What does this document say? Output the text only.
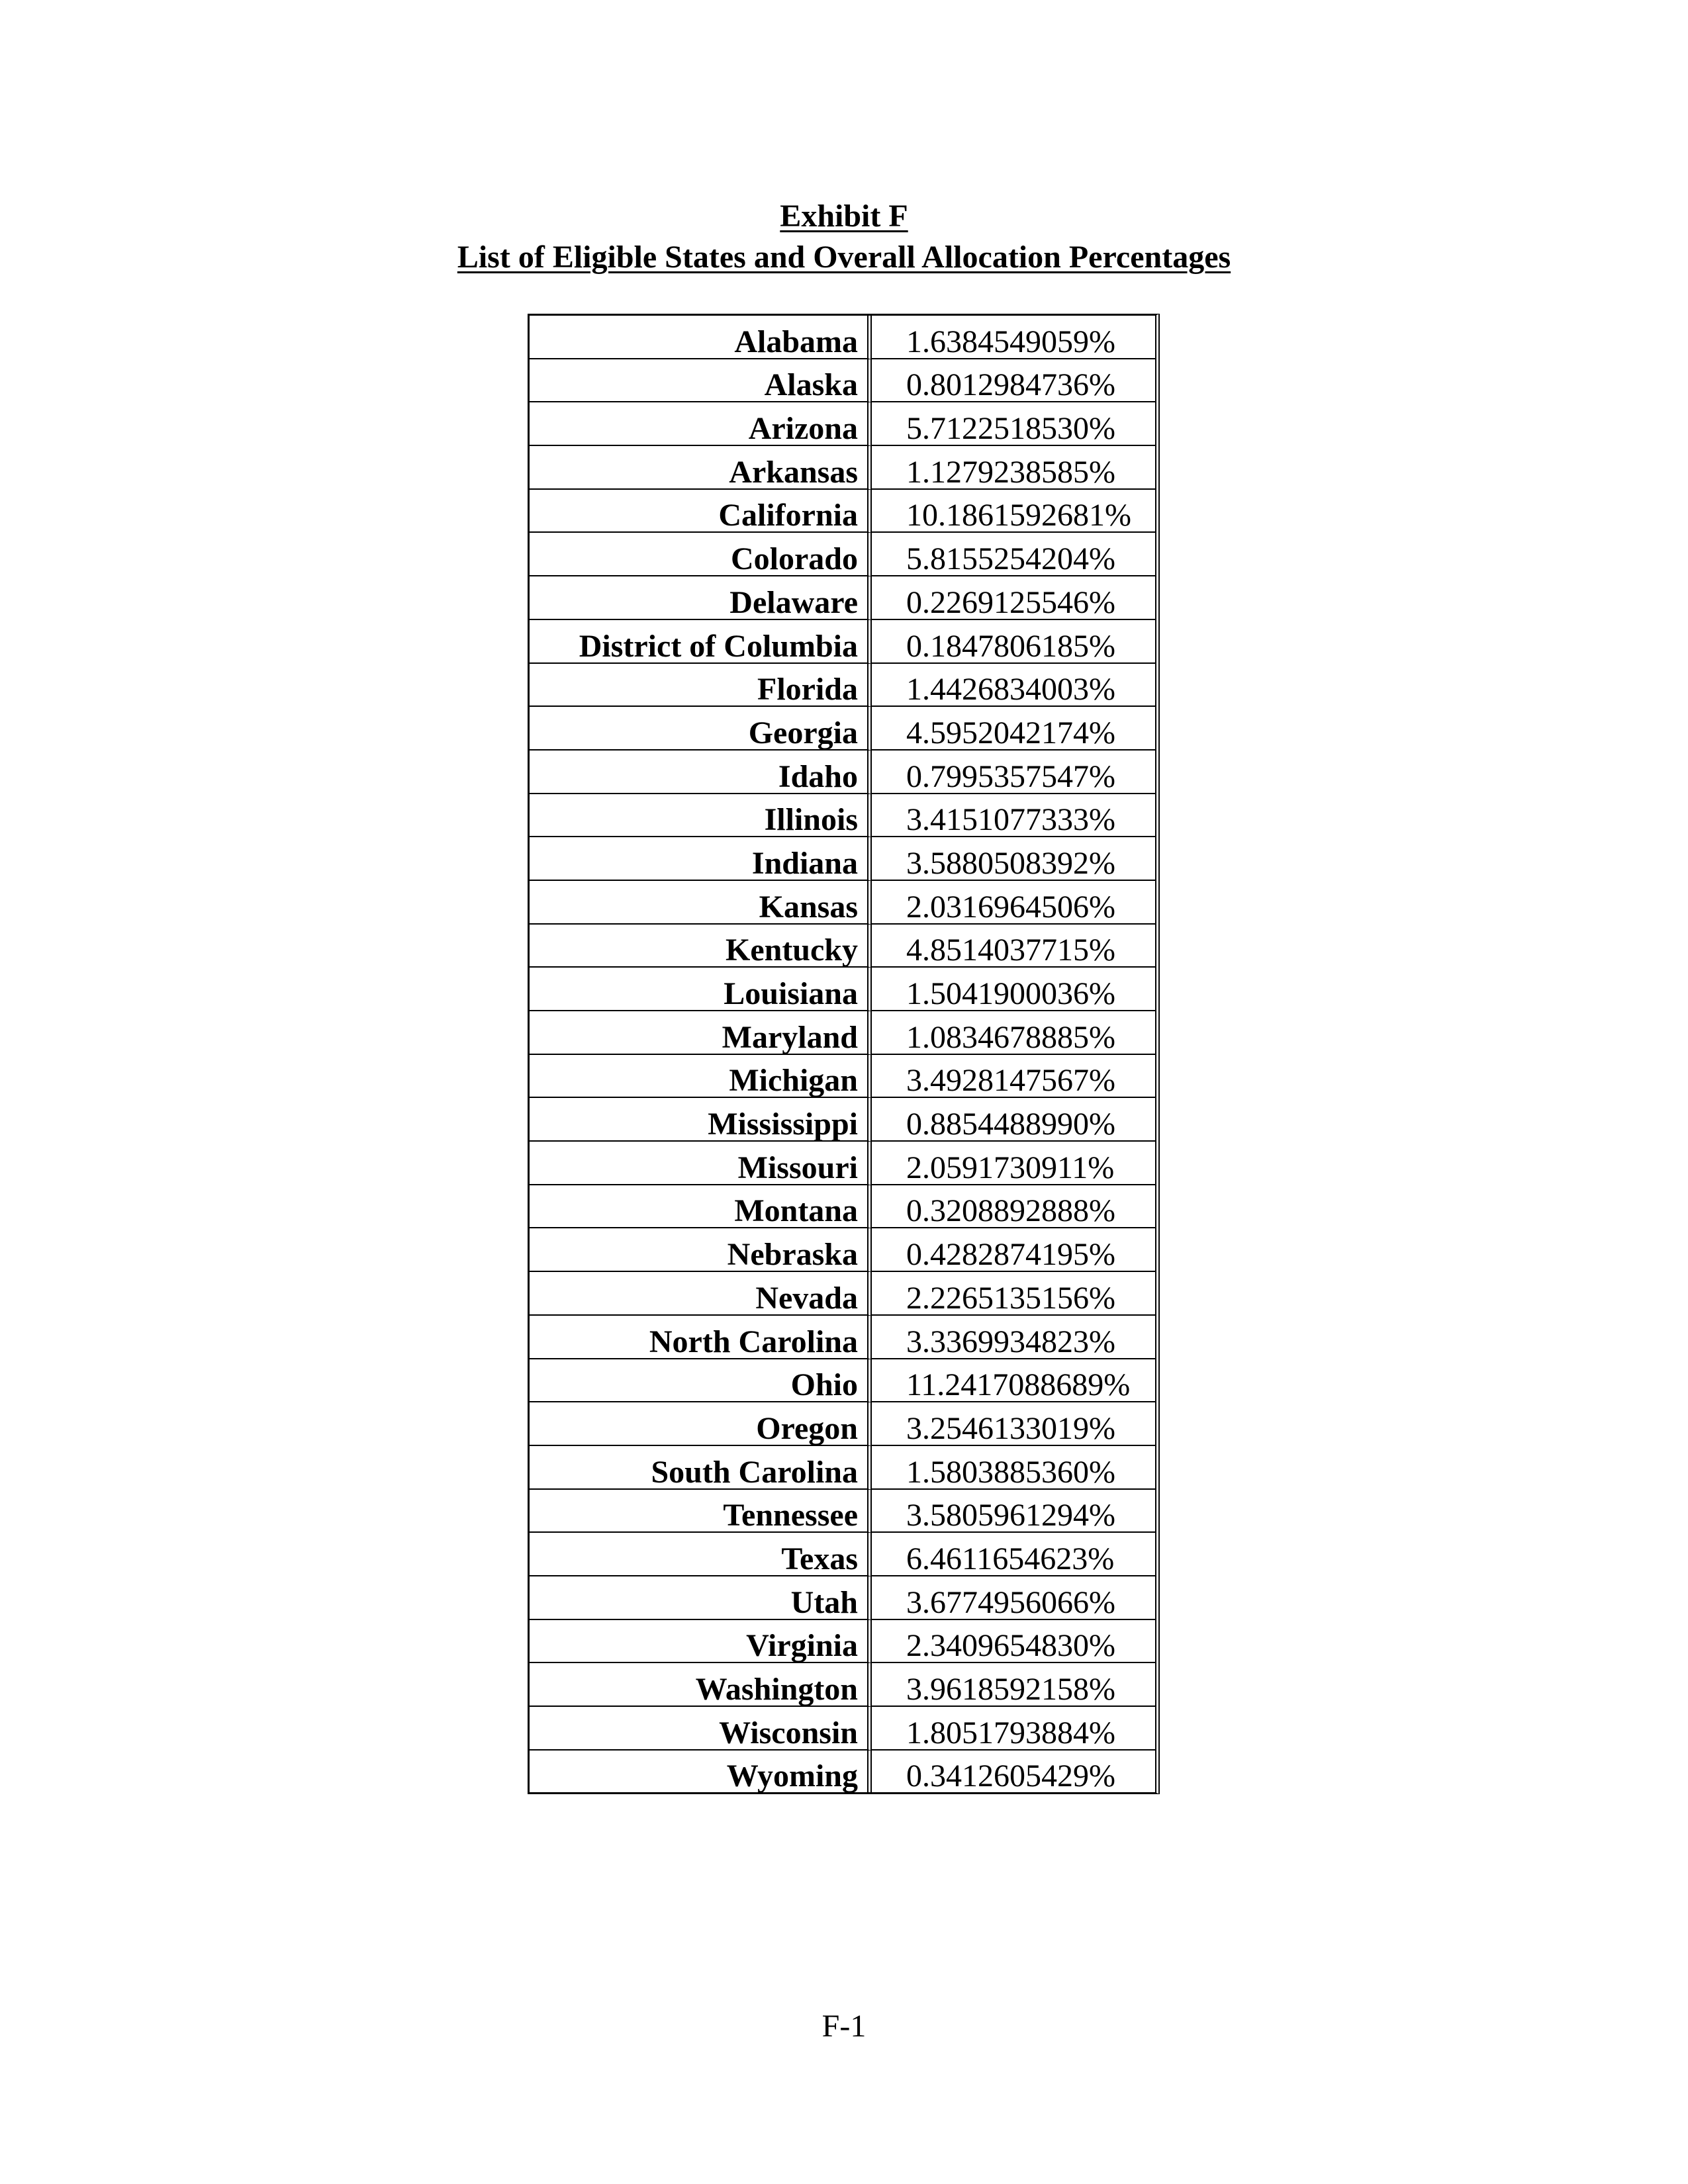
Exhibit F
List of Eligible States and Overall Allocation Percentages
Alabama	1.6384549059%
Alaska	0.8012984736%
Arizona	5.7122518530%
Arkansas	1.1279238585%
California	10.1861592681%
Colorado	5.8155254204%
Delaware	0.2269125546%
District of Columbia	0.1847806185%
Florida	1.4426834003%
Georgia	4.5952042174%
Idaho	0.7995357547%
Illinois	3.4151077333%
Indiana	3.5880508392%
Kansas	2.0316964506%
Kentucky	4.8514037715%
Louisiana	1.5041900036%
Maryland	1.0834678885%
Michigan	3.4928147567%
Mississippi	0.8854488990%
Missouri	2.0591730911%
Montana	0.3208892888%
Nebraska	0.4282874195%
Nevada	2.2265135156%
North Carolina	3.3369934823%
Ohio	11.2417088689%
Oregon	3.2546133019%
South Carolina	1.5803885360%
Tennessee	3.5805961294%
Texas	6.4611654623%
Utah	3.6774956066%
Virginia	2.3409654830%
Washington	3.9618592158%
Wisconsin	1.8051793884%
Wyoming	0.3412605429%
F-1
